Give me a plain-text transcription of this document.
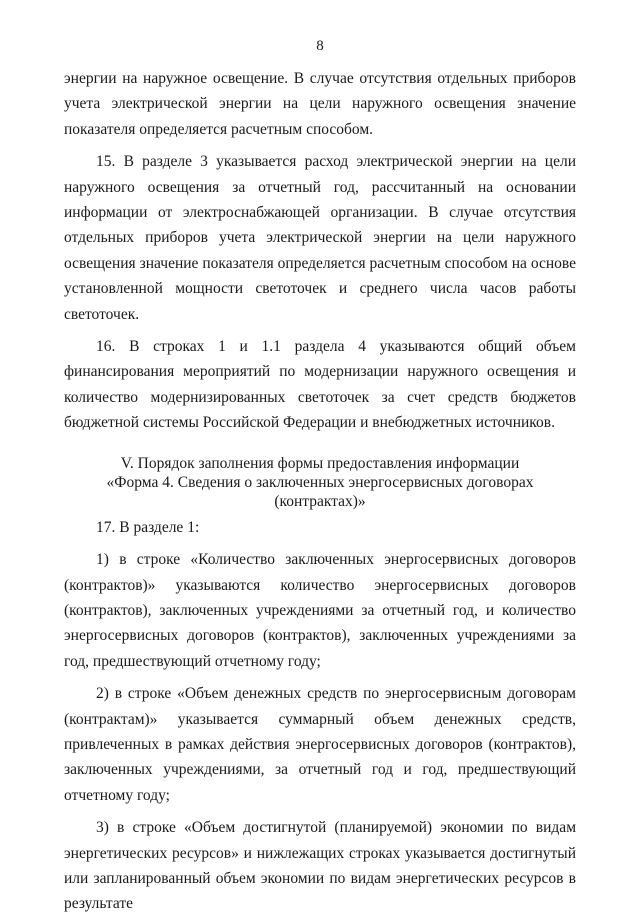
8

энергии на наружное освещение. В случае отсутствия отдельных приборов учета электрической энергии на цели наружного освещения значение показателя определяется расчетным способом.

15. В разделе 3 указывается расход электрической энергии на цели наружного освещения за отчетный год, рассчитанный на основании информации от электроснабжающей организации. В случае отсутствия отдельных приборов учета электрической энергии на цели наружного освещения значение показателя определяется расчетным способом на основе установленной мощности светоточек и среднего числа часов работы светоточек.

16. В строках 1 и 1.1 раздела 4 указываются общий объем финансирования мероприятий по модернизации наружного освещения и количество модернизированных светоточек за счет средств бюджетов бюджетной системы Российской Федерации и внебюджетных источников.

V. Порядок заполнения формы предоставления информации
«Форма 4. Сведения о заключенных энергосервисных договорах (контрактах)»

17. В разделе 1:

1) в строке «Количество заключенных энергосервисных договоров (контрактов)» указываются количество энергосервисных договоров (контрактов), заключенных учреждениями за отчетный год, и количество энергосервисных договоров (контрактов), заключенных учреждениями за год, предшествующий отчетному году;

2) в строке «Объем денежных средств по энергосервисным договорам (контрактам)» указывается суммарный объем денежных средств, привлеченных в рамках действия энергосервисных договоров (контрактов), заключенных учреждениями, за отчетный год и год, предшествующий отчетному году;

3) в строке «Объем достигнутой (планируемой) экономии по видам энергетических ресурсов» и нижлежащих строках указывается достигнутый или запланированный объем экономии по видам энергетических ресурсов в результате
